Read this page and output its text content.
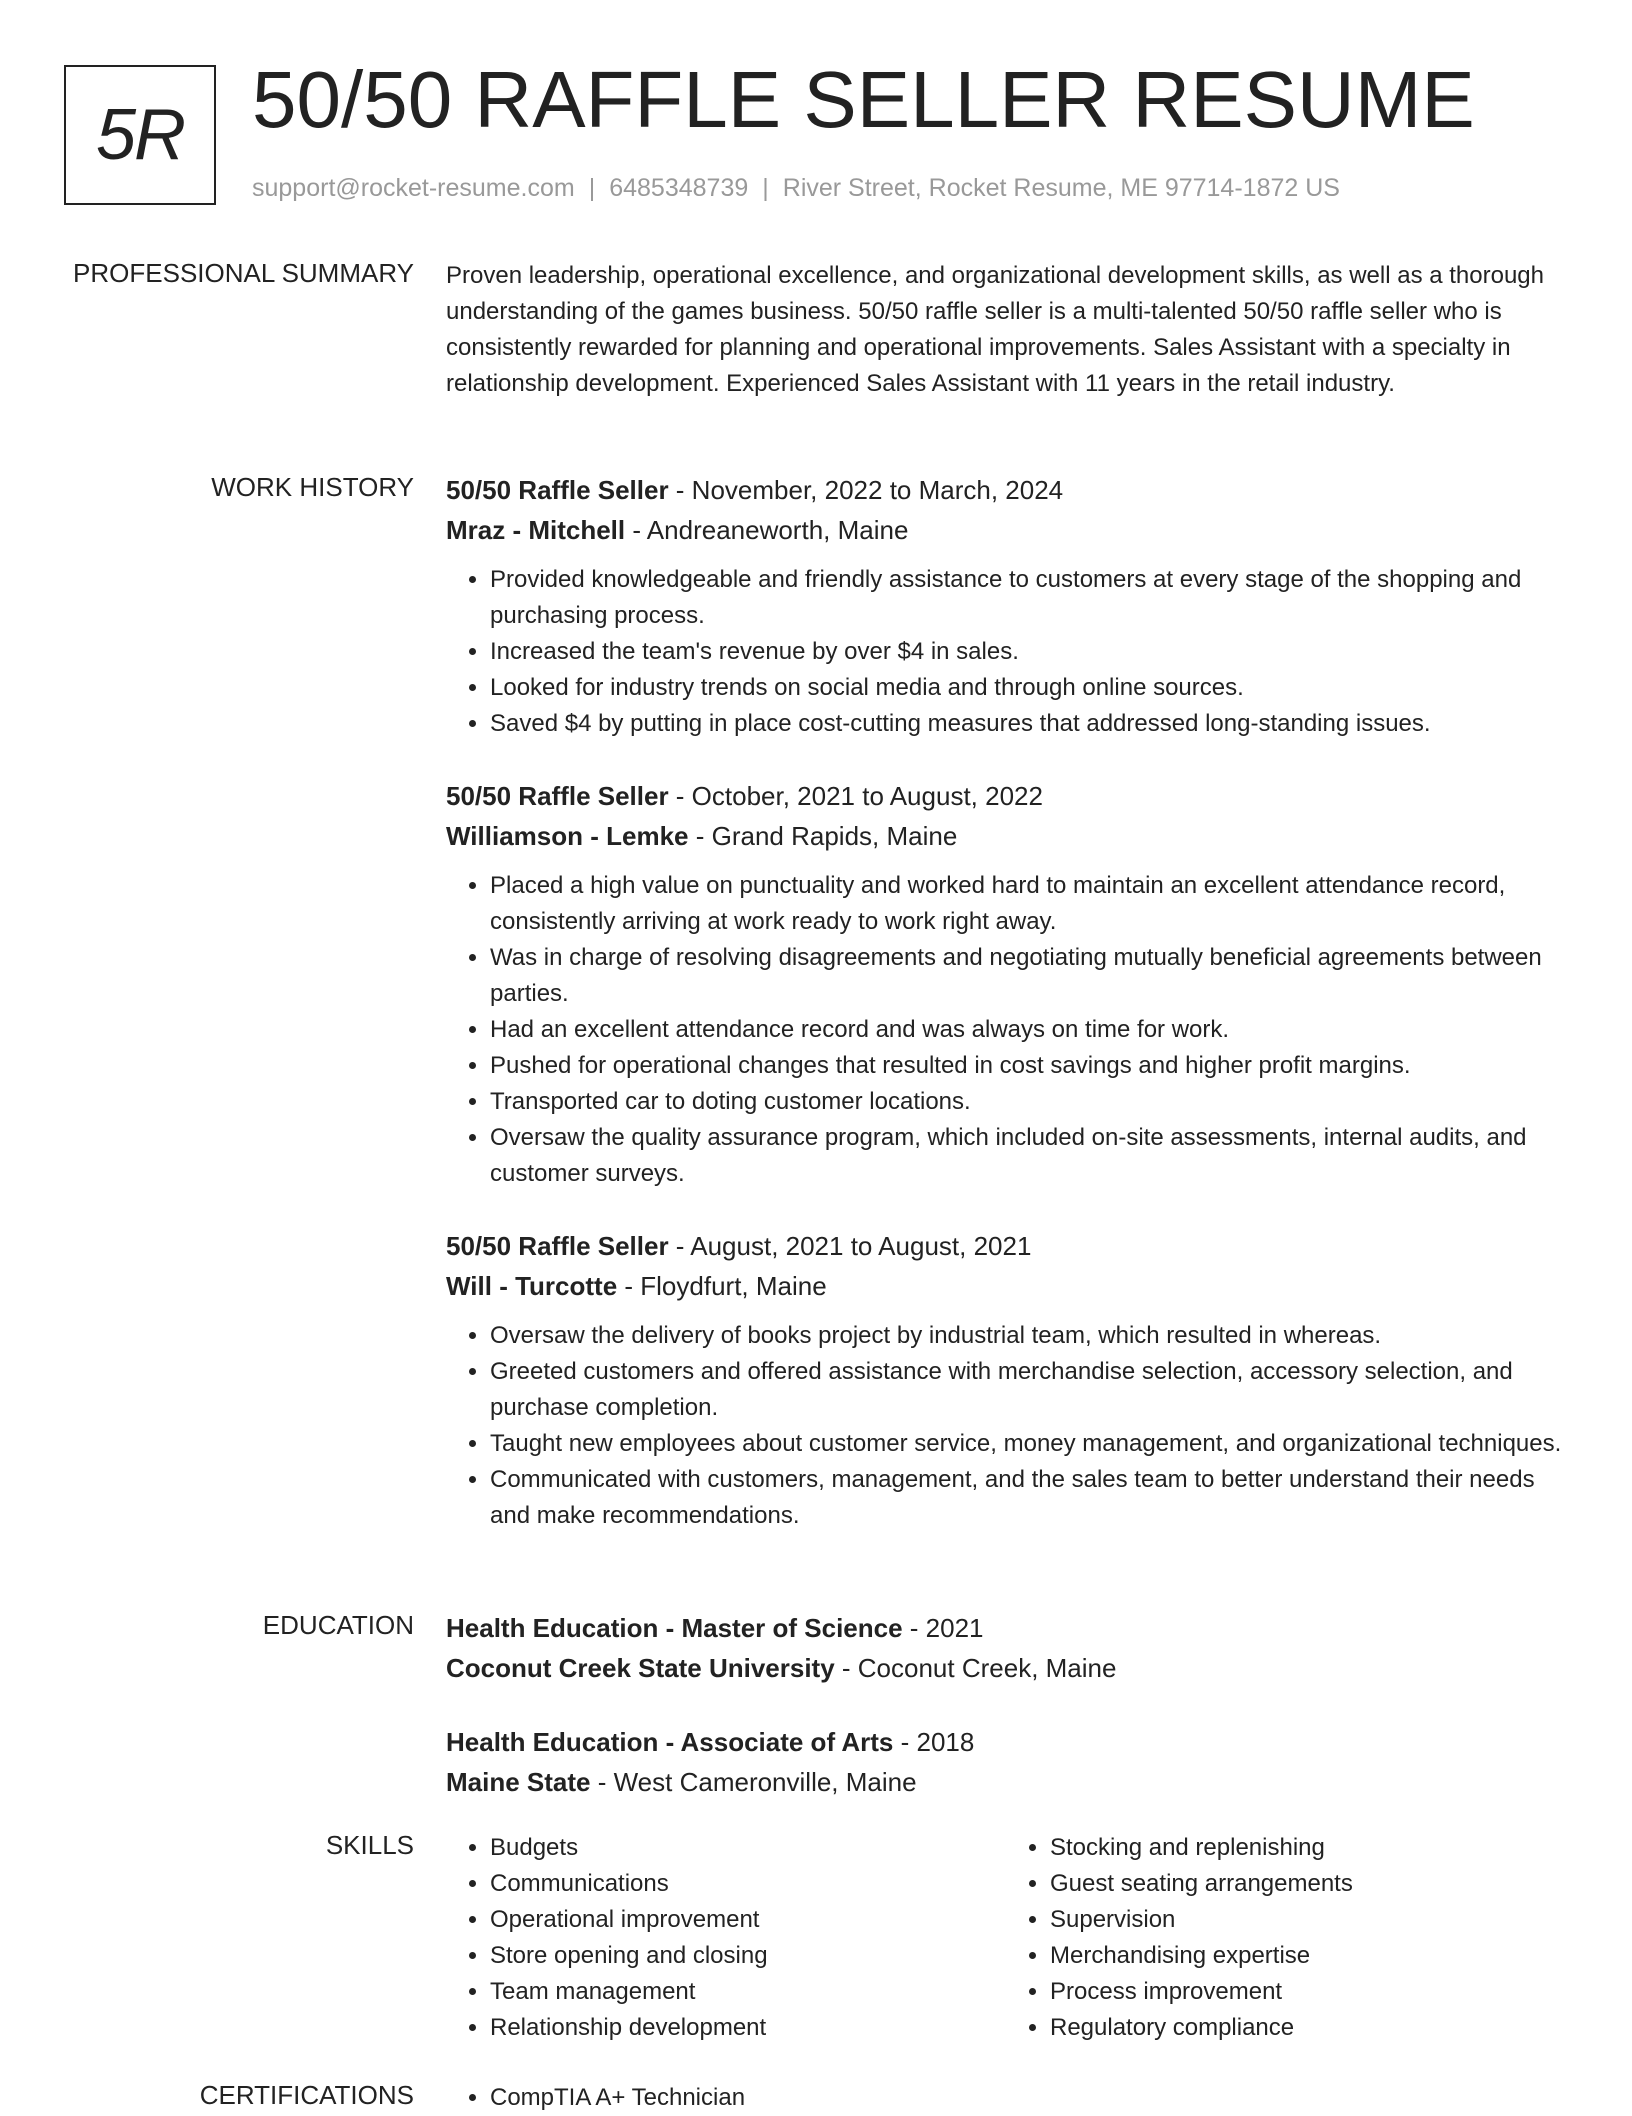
5R 50/50 RAFFLE SELLER RESUME
support@rocket-resume.com | 6485348739 | River Street, Rocket Resume, ME 97714-1872 US
PROFESSIONAL SUMMARY Proven leadership, operational excellence, and organizational development skills, as well as a thorough understanding of the games business. 50/50 raffle seller is a multi-talented 50/50 raffle seller who is consistently rewarded for planning and operational improvements. Sales Assistant with a specialty in relationship development. Experienced Sales Assistant with 11 years in the retail industry.
WORK HISTORY 50/50 Raffle Seller - November, 2022 to March, 2024
Mraz - Mitchell - Andreaneworth, Maine
• Provided knowledgeable and friendly assistance to customers at every stage of the shopping and purchasing process.
• Increased the team's revenue by over $4 in sales.
• Looked for industry trends on social media and through online sources.
• Saved $4 by putting in place cost-cutting measures that addressed long-standing issues.
50/50 Raffle Seller - October, 2021 to August, 2022
Williamson - Lemke - Grand Rapids, Maine
• Placed a high value on punctuality and worked hard to maintain an excellent attendance record, consistently arriving at work ready to work right away.
• Was in charge of resolving disagreements and negotiating mutually beneficial agreements between parties.
• Had an excellent attendance record and was always on time for work.
• Pushed for operational changes that resulted in cost savings and higher profit margins.
• Transported car to doting customer locations.
• Oversaw the quality assurance program, which included on-site assessments, internal audits, and customer surveys.
50/50 Raffle Seller - August, 2021 to August, 2021
Will - Turcotte - Floydfurt, Maine
• Oversaw the delivery of books project by industrial team, which resulted in whereas.
• Greeted customers and offered assistance with merchandise selection, accessory selection, and purchase completion.
• Taught new employees about customer service, money management, and organizational techniques.
• Communicated with customers, management, and the sales team to better understand their needs and make recommendations.
EDUCATION Health Education - Master of Science - 2021
Coconut Creek State University - Coconut Creek, Maine
Health Education - Associate of Arts - 2018
Maine State - West Cameronville, Maine
SKILLS	• Budgets
• Communications
• Operational improvement
• Store opening and closing
• Team management
• Relationship development
• Stocking and replenishing
• Guest seating arrangements
• Supervision
• Merchandising expertise
• Process improvement
• Regulatory compliance
CERTIFICATIONS	• CompTIA A+ Technician
